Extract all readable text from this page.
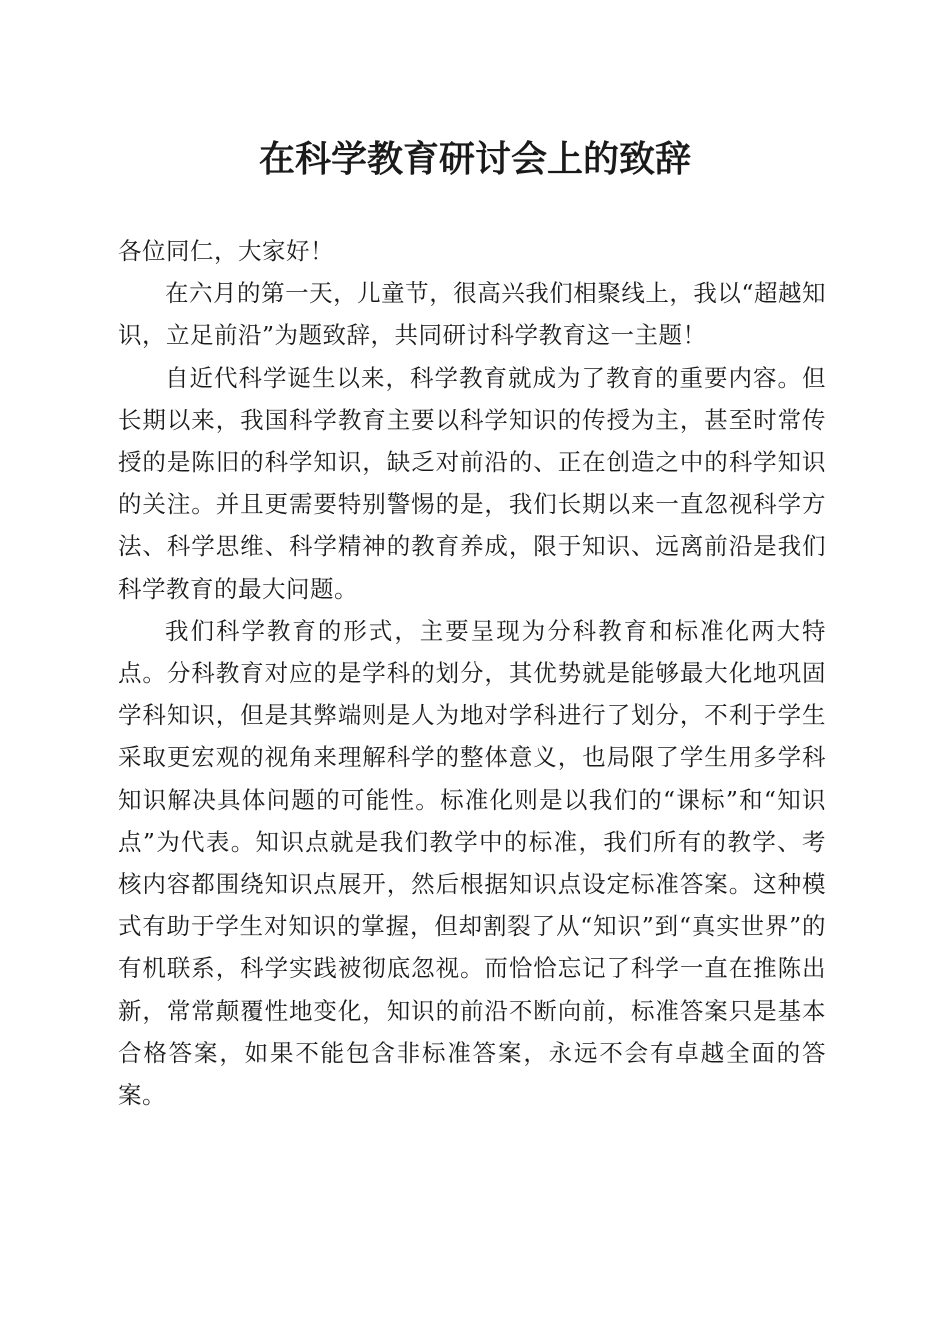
在科学教育研讨会上的致辞

各位同仁，大家好！

在六月的第一天，儿童节，很高兴我们相聚线上，我以“超越知识，立足前沿”为题致辞，共同研讨科学教育这一主题！

自近代科学诞生以来，科学教育就成为了教育的重要内容。但长期以来，我国科学教育主要以科学知识的传授为主，甚至时常传授的是陈旧的科学知识，缺乏对前沿的、正在创造之中的科学知识的关注。并且更需要特别警惕的是，我们长期以来一直忽视科学方法、科学思维、科学精神的教育养成，限于知识、远离前沿是我们科学教育的最大问题。

我们科学教育的形式，主要呈现为分科教育和标准化两大特点。分科教育对应的是学科的划分，其优势就是能够最大化地巩固学科知识，但是其弊端则是人为地对学科进行了划分，不利于学生采取更宏观的视角来理解科学的整体意义，也局限了学生用多学科知识解决具体问题的可能性。标准化则是以我们的“课标”和“知识点”为代表。知识点就是我们教学中的标准，我们所有的教学、考核内容都围绕知识点展开，然后根据知识点设定标准答案。这种模式有助于学生对知识的掌握，但却割裂了从“知识”到“真实世界”的有机联系，科学实践被彻底忽视。而恰恰忘记了科学一直在推陈出新，常常颠覆性地变化，知识的前沿不断向前，标准答案只是基本合格答案，如果不能包含非标准答案，永远不会有卓越全面的答案。
